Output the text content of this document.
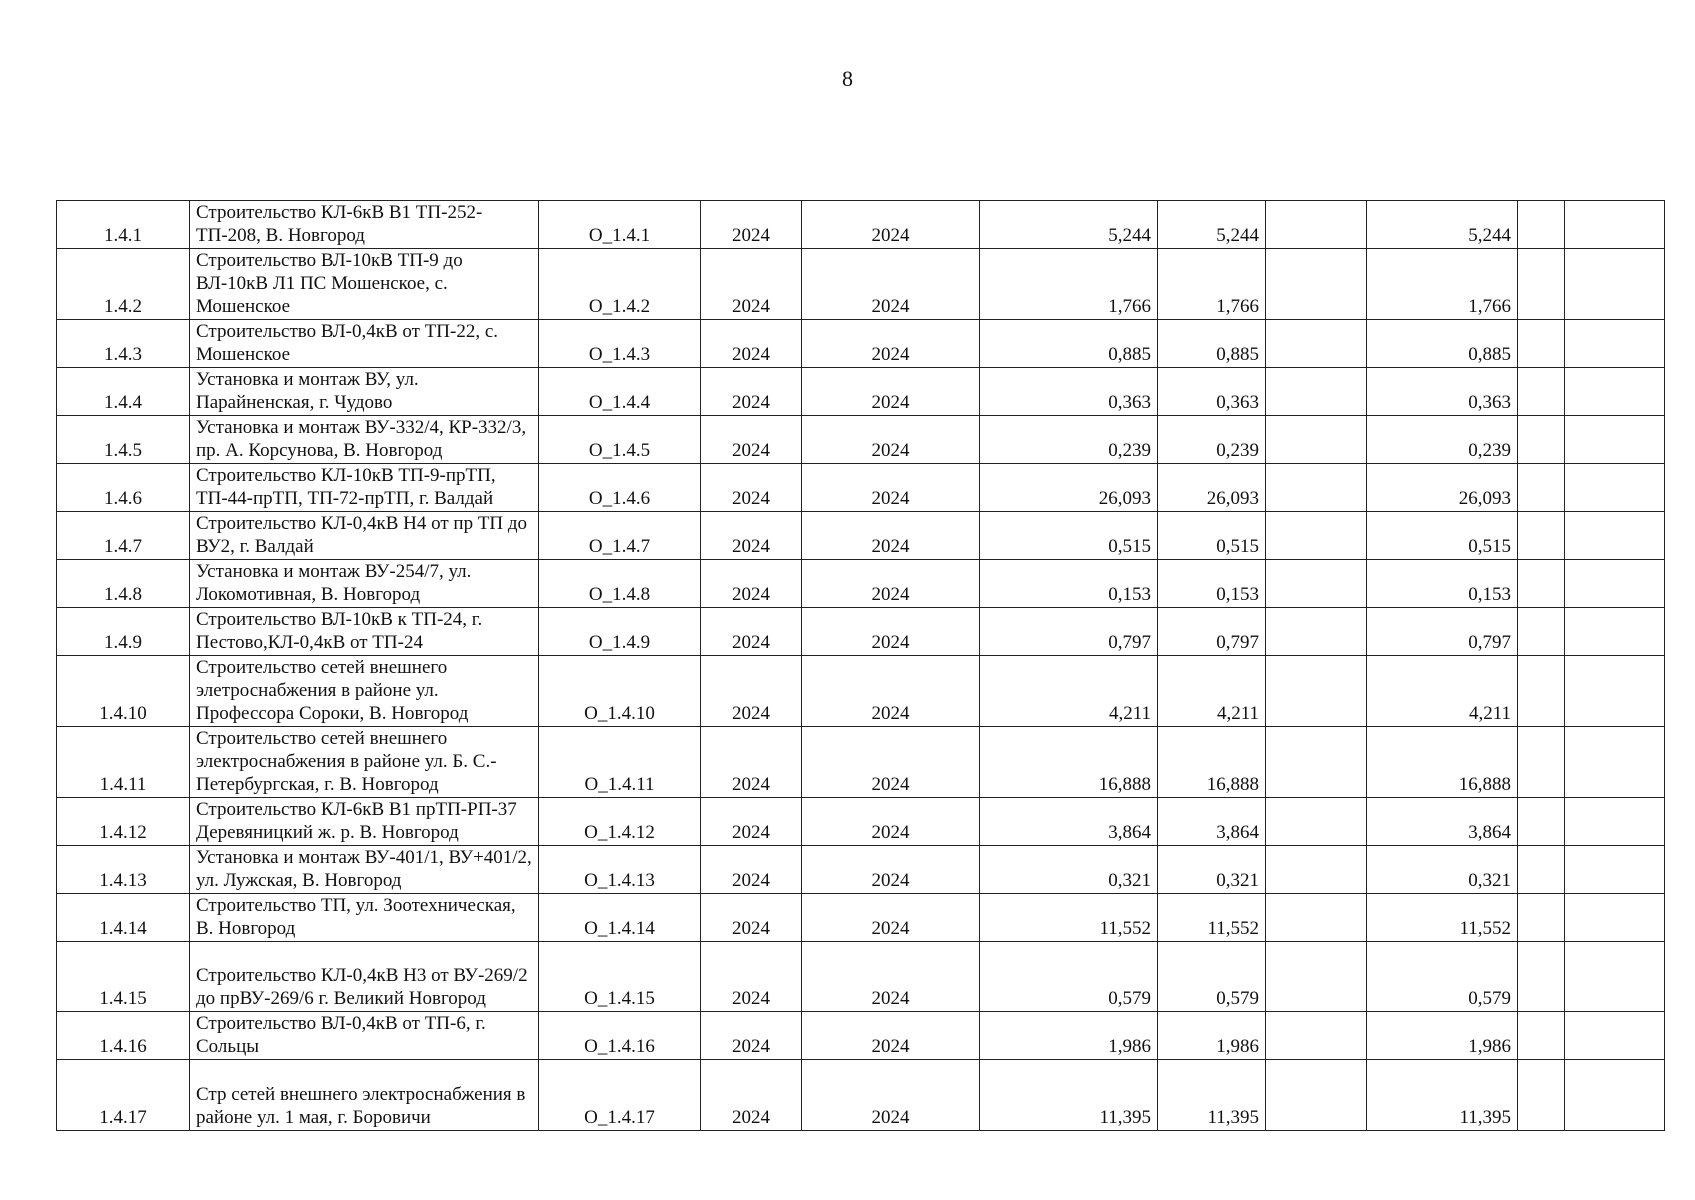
8
1.4.1	Строительство КЛ-6кВ В1 ТП-252-ТП-208, В. Новгород	О_1.4.1	2024	2024	5,244	5,244		5,244		
1.4.2	Строительство ВЛ-10кВ ТП-9 до ВЛ-10кВ Л1 ПС Мошенское, с. Мошенское	О_1.4.2	2024	2024	1,766	1,766		1,766		
1.4.3	Строительство ВЛ-0,4кВ от ТП-22, с. Мошенское	О_1.4.3	2024	2024	0,885	0,885		0,885		
1.4.4	Установка и монтаж ВУ, ул. Парайненская, г. Чудово	О_1.4.4	2024	2024	0,363	0,363		0,363		
1.4.5	Установка и монтаж ВУ-332/4, КР-332/3, пр. А. Корсунова, В. Новгород	О_1.4.5	2024	2024	0,239	0,239		0,239		
1.4.6	Строительство КЛ-10кВ ТП-9-прТП, ТП-44-прТП, ТП-72-прТП, г. Валдай	О_1.4.6	2024	2024	26,093	26,093		26,093		
1.4.7	Строительство КЛ-0,4кВ Н4 от пр ТП до ВУ2, г. Валдай	О_1.4.7	2024	2024	0,515	0,515		0,515		
1.4.8	Установка и монтаж ВУ-254/7, ул. Локомотивная, В. Новгород	О_1.4.8	2024	2024	0,153	0,153		0,153		
1.4.9	Строительство ВЛ-10кВ к ТП-24, г. Пестово,КЛ-0,4кВ от ТП-24	О_1.4.9	2024	2024	0,797	0,797		0,797		
1.4.10	Строительство сетей внешнего элетроснабжения в районе ул. Профессора Сороки, В. Новгород	О_1.4.10	2024	2024	4,211	4,211		4,211		
1.4.11	Строительство сетей внешнего электроснабжения в районе ул. Б. С.-Петербургская, г. В. Новгород	О_1.4.11	2024	2024	16,888	16,888		16,888		
1.4.12	Строительство КЛ-6кВ В1 прТП-РП-37 Деревяницкий ж. р. В. Новгород	О_1.4.12	2024	2024	3,864	3,864		3,864		
1.4.13	Установка и монтаж ВУ-401/1, ВУ+401/2, ул. Лужская, В. Новгород	О_1.4.13	2024	2024	0,321	0,321		0,321		
1.4.14	Строительство ТП, ул. Зоотехническая, В. Новгород	О_1.4.14	2024	2024	11,552	11,552		11,552		
1.4.15	Строительство КЛ-0,4кВ Н3 от ВУ-269/2 до прВУ-269/6 г. Великий Новгород	О_1.4.15	2024	2024	0,579	0,579		0,579		
1.4.16	Строительство ВЛ-0,4кВ от ТП-6, г. Сольцы	О_1.4.16	2024	2024	1,986	1,986		1,986		
1.4.17	Стр сетей внешнего электроснабжения в районе ул. 1 мая, г. Боровичи	О_1.4.17	2024	2024	11,395	11,395		11,395		
